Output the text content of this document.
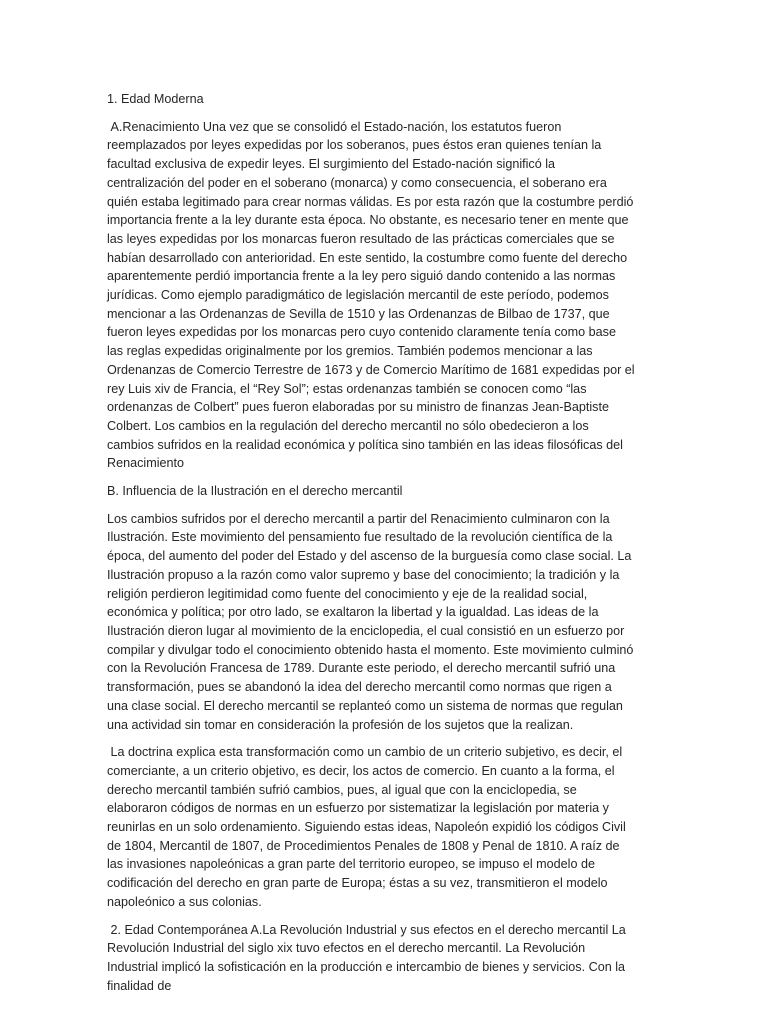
1. Edad Moderna
A.Renacimiento Una vez que se consolidó el Estado-nación, los estatutos fueron reemplazados por leyes expedidas por los soberanos, pues éstos eran quienes tenían la facultad exclusiva de expedir leyes. El surgimiento del Estado-nación significó la centralización del poder en el soberano (monarca) y como consecuencia, el soberano era quién estaba legitimado para crear normas válidas. Es por esta razón que la costumbre perdió importancia frente a la ley durante esta época. No obstante, es necesario tener en mente que las leyes expedidas por los monarcas fueron resultado de las prácticas comerciales que se habían desarrollado con anterioridad. En este sentido, la costumbre como fuente del derecho aparentemente perdió importancia frente a la ley pero siguió dando contenido a las normas jurídicas. Como ejemplo paradigmático de legislación mercantil de este período, podemos mencionar a las Ordenanzas de Sevilla de 1510 y las Ordenanzas de Bilbao de 1737, que fueron leyes expedidas por los monarcas pero cuyo contenido claramente tenía como base las reglas expedidas originalmente por los gremios. También podemos mencionar a las Ordenanzas de Comercio Terrestre de 1673 y de Comercio Marítimo de 1681 expedidas por el rey Luis xiv de Francia, el “Rey Sol”; estas ordenanzas también se conocen como “las ordenanzas de Colbert” pues fueron elaboradas por su ministro de finanzas Jean-Baptiste Colbert. Los cambios en la regulación del derecho mercantil no sólo obedecieron a los cambios sufridos en la realidad económica y política sino también en las ideas filosóficas del Renacimiento
B. Influencia de la Ilustración en el derecho mercantil
Los cambios sufridos por el derecho mercantil a partir del Renacimiento culminaron con la Ilustración. Este movimiento del pensamiento fue resultado de la revolución científica de la época, del aumento del poder del Estado y del ascenso de la burguesía como clase social. La Ilustración propuso a la razón como valor supremo y base del conocimiento; la tradición y la religión perdieron legitimidad como fuente del conocimiento y eje de la realidad social, económica y política; por otro lado, se exaltaron la libertad y la igualdad. Las ideas de la Ilustración dieron lugar al movimiento de la enciclopedia, el cual consistió en un esfuerzo por compilar y divulgar todo el conocimiento obtenido hasta el momento. Este movimiento culminó con la Revolución Francesa de 1789. Durante este periodo, el derecho mercantil sufrió una transformación, pues se abandonó la idea del derecho mercantil como normas que rigen a una clase social. El derecho mercantil se replanteó como un sistema de normas que regulan una actividad sin tomar en consideración la profesión de los sujetos que la realizan.
La doctrina explica esta transformación como un cambio de un criterio subjetivo, es decir, el comerciante, a un criterio objetivo, es decir, los actos de comercio. En cuanto a la forma, el derecho mercantil también sufrió cambios, pues, al igual que con la enciclopedia, se elaboraron códigos de normas en un esfuerzo por sistematizar la legislación por materia y reunirlas en un solo ordenamiento. Siguiendo estas ideas, Napoleón expidió los códigos Civil de 1804, Mercantil de 1807, de Procedimientos Penales de 1808 y Penal de 1810. A raíz de las invasiones napoleónicas a gran parte del territorio europeo, se impuso el modelo de codificación del derecho en gran parte de Europa; éstas a su vez, transmitieron el modelo napoleónico a sus colonias.
2. Edad Contemporánea A.La Revolución Industrial y sus efectos en el derecho mercantil La Revolución Industrial del siglo xix tuvo efectos en el derecho mercantil. La Revolución Industrial implicó la sofisticación en la producción e intercambio de bienes y servicios. Con la finalidad de
